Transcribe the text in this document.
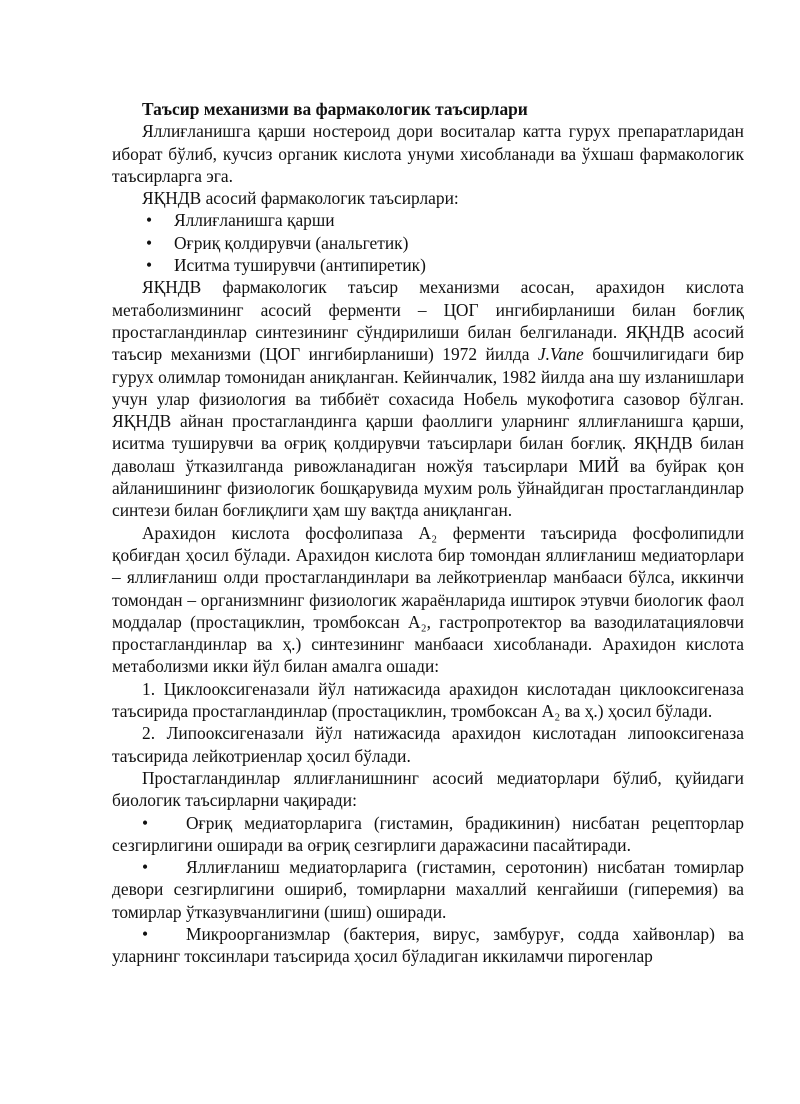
Таъсир механизми ва фармакологик таъсирлари

Яллиғланишга қарши ностероид дори воситалар катта гурух препаратларидан иборат бўлиб, кучсиз органик кислота унуми хисобланади ва ўхшаш фармакологик таъсирларга эга.

ЯҚНДВ асосий фармакологик таъсирлари:

• Яллиғланишга қарши

• Оғриқ қолдирувчи (анальгетик)

• Иситма туширувчи (антипиретик)

ЯҚНДВ фармакологик таъсир механизми асосан, арахидон кислота метаболизмининг асосий ферменти – ЦОГ ингибирланиши билан боғлиқ простагландинлар синтезининг сўндирилиши билан белгиланади. ЯҚНДВ асосий таъсир механизми (ЦОГ ингибирланиши) 1972 йилда J.Vane бошчилигидаги бир гурух олимлар томонидан аниқланган. Кейинчалик, 1982 йилда ана шу изланишлари учун улар физиология ва тиббиёт сохасида Нобель мукофотига сазовор бўлган. ЯҚНДВ айнан простагландинга қарши фаоллиги уларнинг яллиғланишга қарши, иситма туширувчи ва оғриқ қолдирувчи таъсирлари билан боғлиқ. ЯҚНДВ билан даволаш ўтказилганда ривожланадиган ножўя таъсирлари МИЙ ва буйрак қон айланишининг физиологик бошқарувида мухим роль ўйнайдиган простагландинлар синтези билан боғлиқлиги ҳам шу вақтда аниқланган.

Арахидон кислота фосфолипаза А₂ ферменти таъсирида фосфолипидли қобиғдан ҳосил бўлади. Арахидон кислота бир томондан яллиғланиш медиаторлари – яллиғланиш олди простагландинлари ва лейкотриенлар манбааси бўлса, иккинчи томондан – организмнинг физиологик жараёнларида иштирок этувчи биологик фаол моддалар (простациклин, тромбоксан А₂, гастропротектор ва вазодилатацияловчи простагландинлар ва ҳ.) синтезининг манбааси хисобланади. Арахидон кислота метаболизми икки йўл билан амалга ошади:

1. Циклооксигеназали йўл натижасида арахидон кислотадан циклооксигеназа таъсирида простагландинлар (простациклин, тромбоксан А₂ ва ҳ.) ҳосил бўлади.

2. Липооксигеназали йўл натижасида арахидон кислотадан липооксигеназа таъсирида лейкотриенлар ҳосил бўлади.

Простагландинлар яллиғланишнинг асосий медиаторлари бўлиб, қуйидаги биологик таъсирларни чақиради:

• Оғриқ медиаторларига (гистамин, брадикинин) нисбатан рецепторлар сезгирлигини оширади ва оғриқ сезгирлиги даражасини пасайтиради.

• Яллиғланиш медиаторларига (гистамин, серотонин) нисбатан томирлар девори сезгирлигини ошириб, томирларни махаллий кенгайиши (гиперемия) ва томирлар ўтказувчанлигини (шиш) оширади.

• Микроорганизмлар (бактерия, вирус, замбуруғ, содда хайвонлар) ва уларнинг токсинлари таъсирида ҳосил бўладиган иккиламчи пирогенлар
